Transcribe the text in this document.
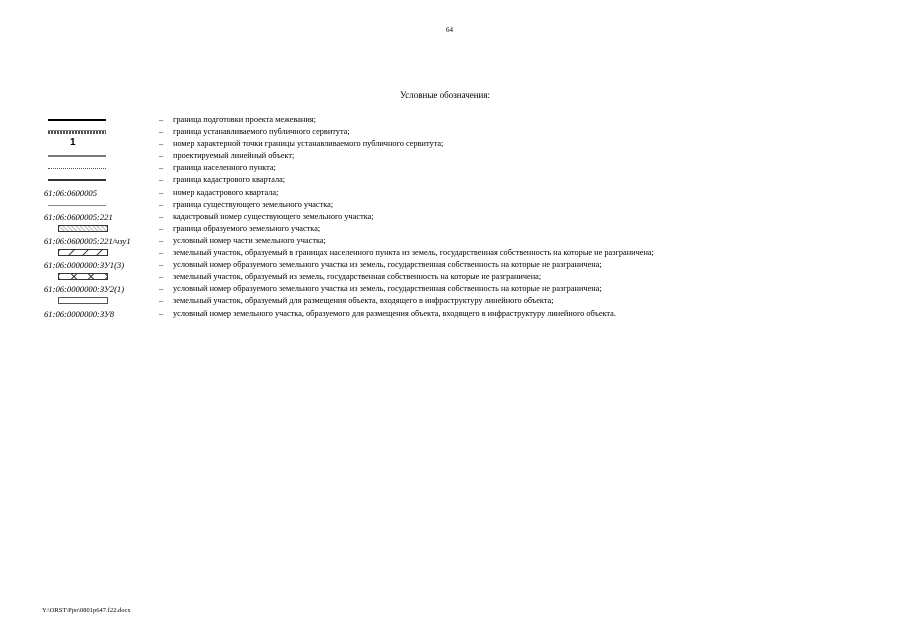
64
Условные обозначения:
– граница подготовки проекта межевания;
– граница устанавливаемого публичного сервитута;
1	– номер характерной точки границы устанавливаемого публичного сервитута;
– проектируемый линейный объект;
– граница населенного пункта;
– граница кадастрового квартала;
61:06:0600005	– номер кадастрового квартала;
– граница существующего земельного участка;
61:06:0600005:221	– кадастровый номер существующего земельного участка;
– граница образуемого земельного участка;
61:06:0600005:221/чзу1	– условный номер части земельного участка;
– земельный участок, образуемый в границах населенного пункта из земель, государственная собственность на которые не разграничена;
61:06:0000000:ЗУ1(3)	– условный номер образуемого земельного участка из земель, государственная собственность на которые не разграничена;
– земельный участок, образуемый из земель, государственная собственность на которые не разграничена;
61:06:0000000:ЗУ2(1)	– условный номер образуемого земельного участка из земель, государственная собственность на которые не разграничена;
– земельный участок, образуемый для размещения объекта, входящего в инфраструктуру линейного объекта;
61:06:0000000:ЗУ8	– условный номер земельного участка, образуемого для размещения объекта, входящего в инфраструктуру линейного объекта.
Y:\ORST\Ppo\0801p647.f22.docx
